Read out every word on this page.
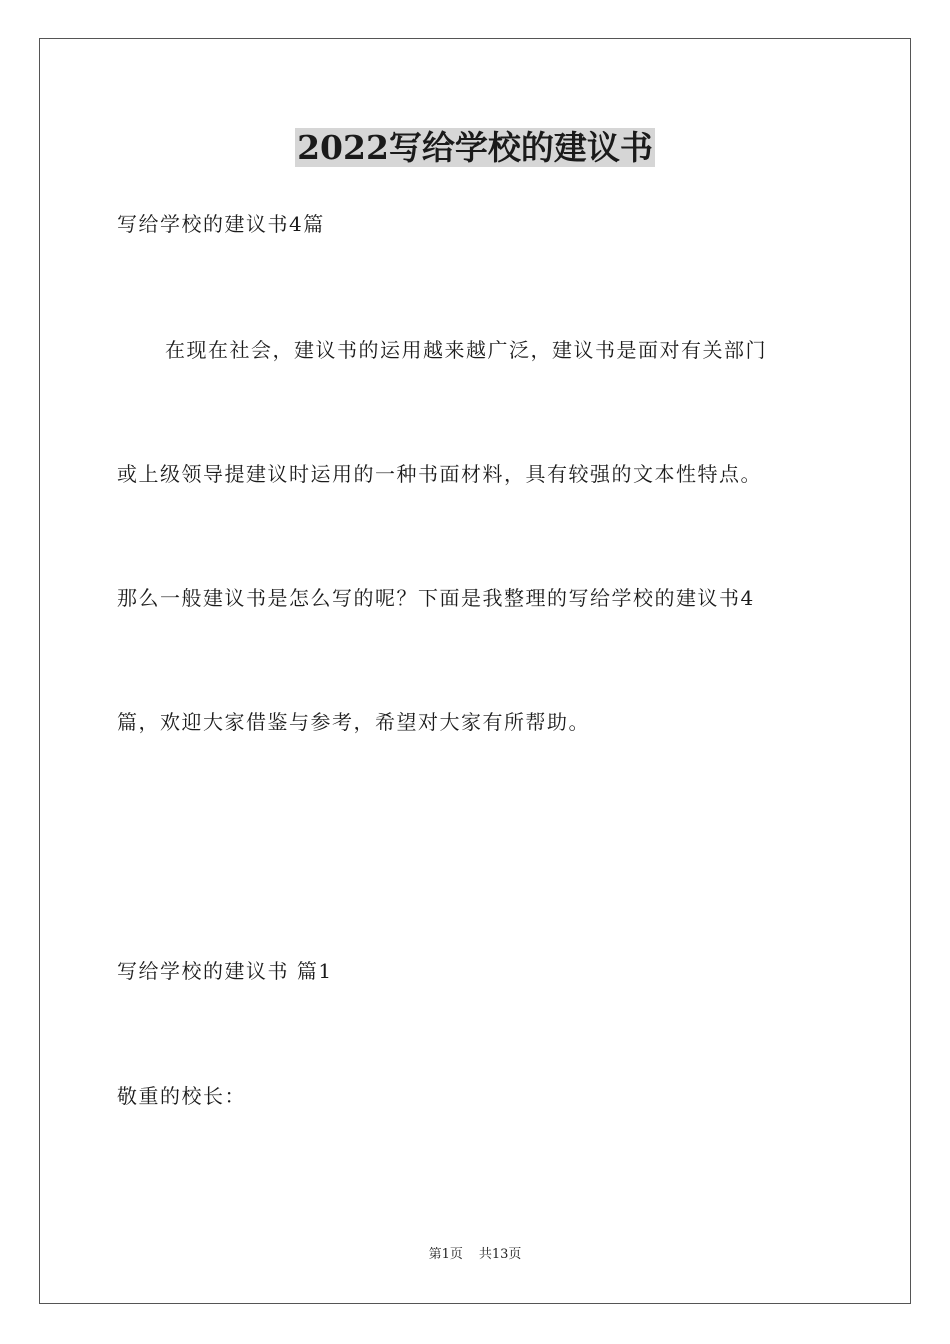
2022写给学校的建议书
写给学校的建议书4篇
在现在社会，建议书的运用越来越广泛，建议书是面对有关部门
或上级领导提建议时运用的一种书面材料，具有较强的文本性特点。
那么一般建议书是怎么写的呢？下面是我整理的写给学校的建议书4
篇，欢迎大家借鉴与参考，希望对大家有所帮助。
写给学校的建议书 篇1
敬重的校长：
第1页 共13页
